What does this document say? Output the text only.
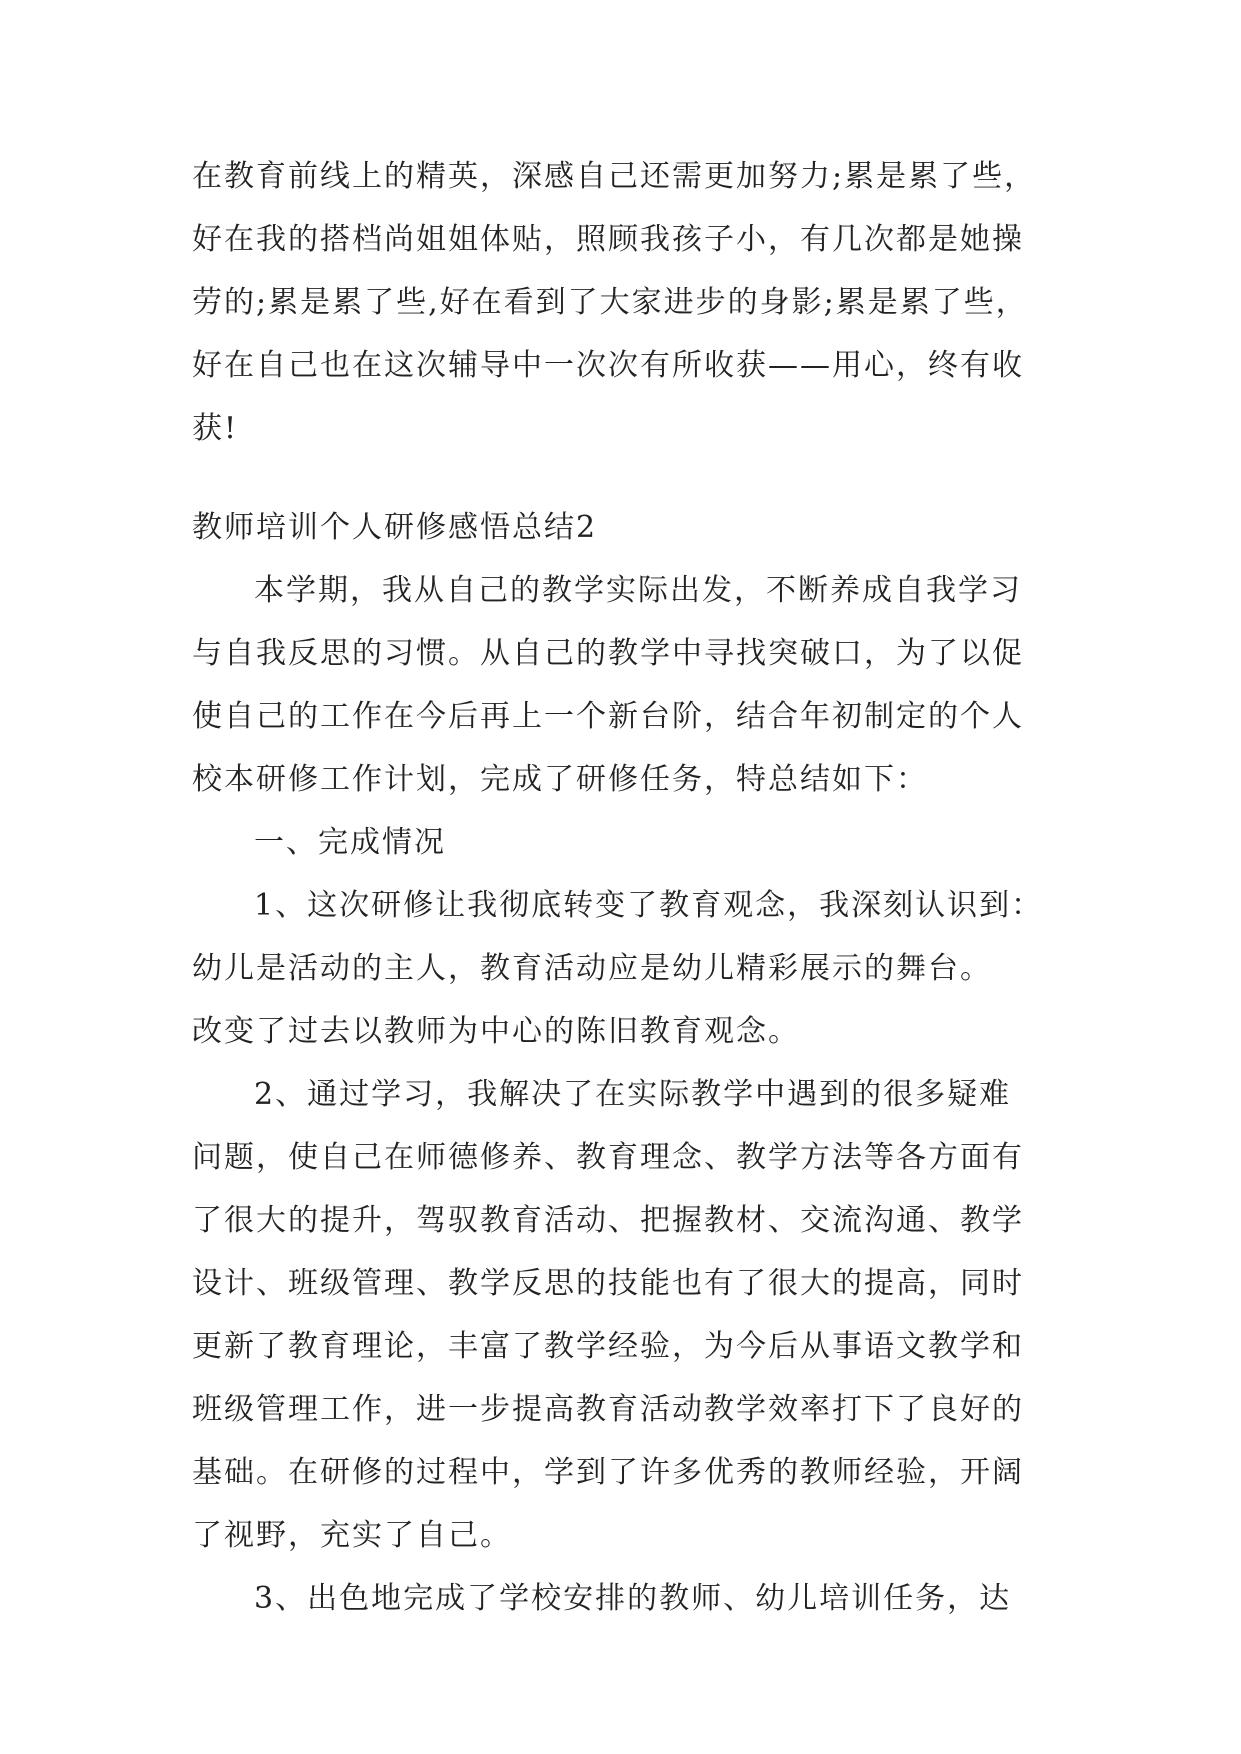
在教育前线上的精英，深感自己还需更加努力;累是累了些，
好在我的搭档尚姐姐体贴，照顾我孩子小，有几次都是她操
劳的;累是累了些,好在看到了大家进步的身影;累是累了些，
好在自己也在这次辅导中一次次有所收获——用心，终有收
获!
教师培训个人研修感悟总结2
本学期，我从自己的教学实际出发，不断养成自我学习
与自我反思的习惯。从自己的教学中寻找突破口，为了以促
使自己的工作在今后再上一个新台阶，结合年初制定的个人
校本研修工作计划，完成了研修任务，特总结如下：
一、完成情况
1、这次研修让我彻底转变了教育观念，我深刻认识到：
幼儿是活动的主人，教育活动应是幼儿精彩展示的舞台。
改变了过去以教师为中心的陈旧教育观念。
2、通过学习，我解决了在实际教学中遇到的很多疑难
问题，使自己在师德修养、教育理念、教学方法等各方面有
了很大的提升，驾驭教育活动、把握教材、交流沟通、教学
设计、班级管理、教学反思的技能也有了很大的提高，同时
更新了教育理论，丰富了教学经验，为今后从事语文教学和
班级管理工作，进一步提高教育活动教学效率打下了良好的
基础。在研修的过程中，学到了许多优秀的教师经验，开阔
了视野，充实了自己。
3、出色地完成了学校安排的教师、幼儿培训任务，达
